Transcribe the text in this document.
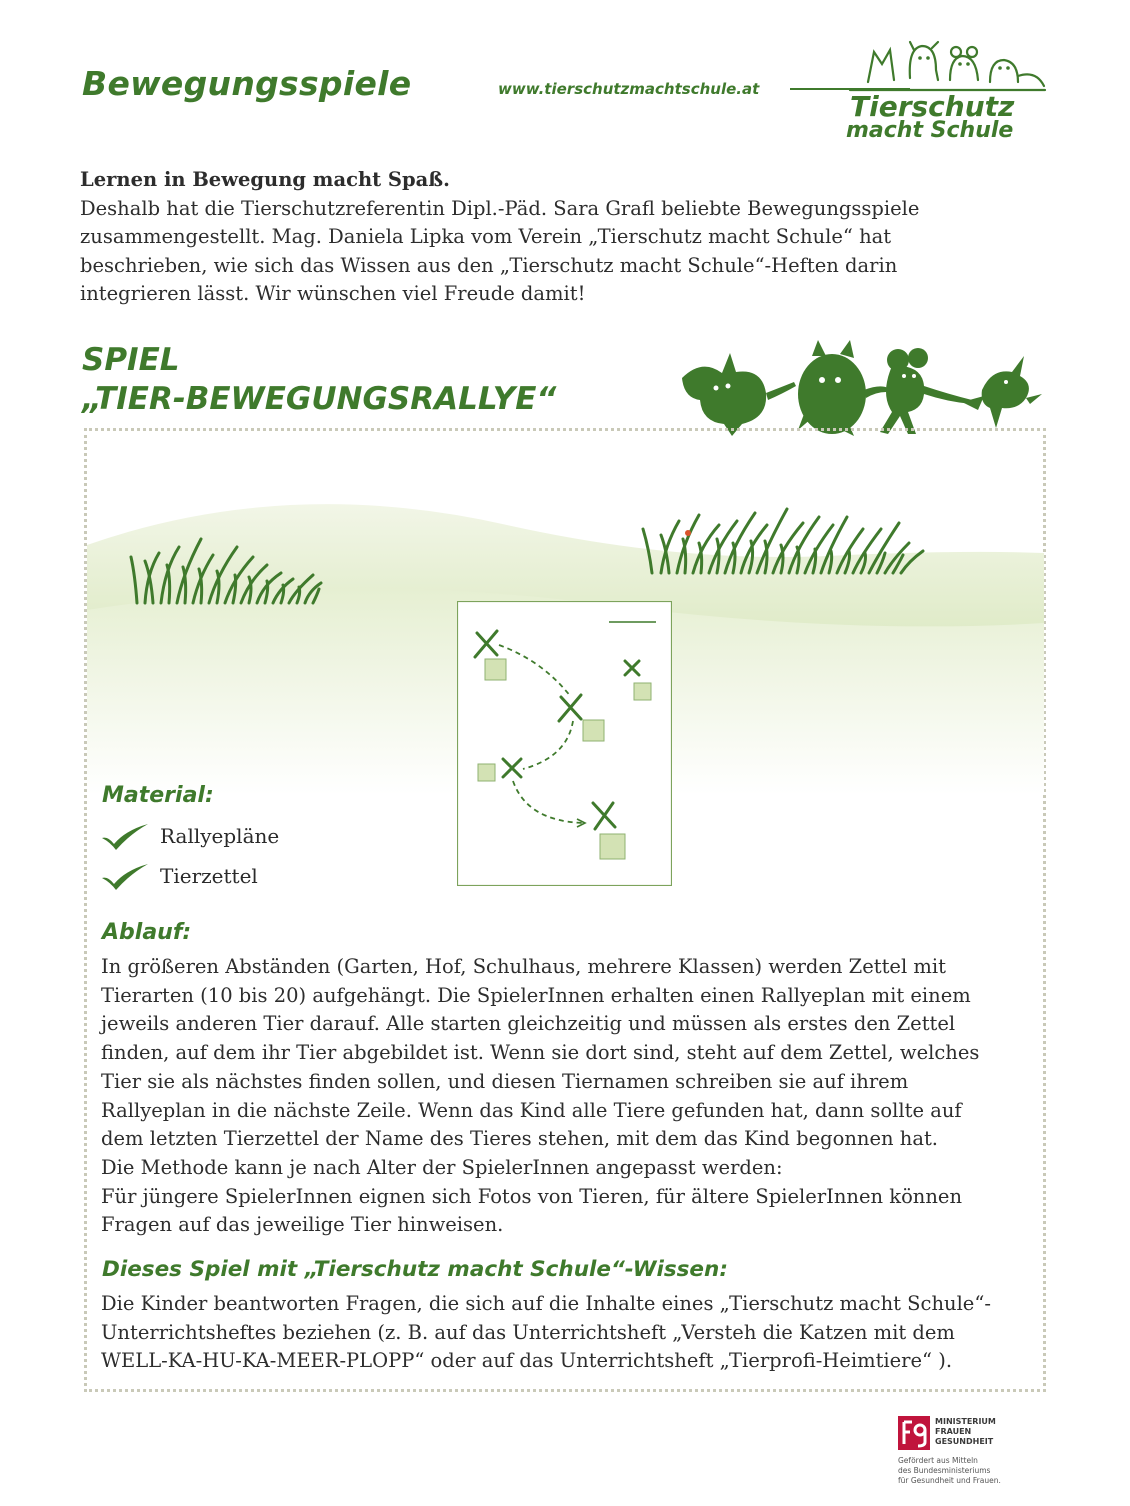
Bewegungsspiele	www.tierschutzmachtschule.at
Tierschutz
macht Schule
Lernen in Bewegung macht Spaß.
Deshalb hat die Tierschutzreferentin Dipl.-Päd. Sara Grafl beliebte Bewegungsspiele
zusammengestellt. Mag. Daniela Lipka vom Verein „Tierschutz macht Schule“ hat
beschrieben, wie sich das Wissen aus den „Tierschutz macht Schule“-Heften darin
integrieren lässt. Wir wünschen viel Freude damit!
SPIEL
„TIER-BEWEGUNGSRALLYE“
Material:
Rallyepläne
Tierzettel
Ablauf:
In größeren Abständen (Garten, Hof, Schulhaus, mehrere Klassen) werden Zettel mit
Tierarten (10 bis 20) aufgehängt. Die SpielerInnen erhalten einen Rallyeplan mit einem
jeweils anderen Tier darauf. Alle starten gleichzeitig und müssen als erstes den Zettel
finden, auf dem ihr Tier abgebildet ist. Wenn sie dort sind, steht auf dem Zettel, welches
Tier sie als nächstes finden sollen, und diesen Tiernamen schreiben sie auf ihrem
Rallyeplan in die nächste Zeile. Wenn das Kind alle Tiere gefunden hat, dann sollte auf
dem letzten Tierzettel der Name des Tieres stehen, mit dem das Kind begonnen hat.
Die Methode kann je nach Alter der SpielerInnen angepasst werden:
Für jüngere SpielerInnen eignen sich Fotos von Tieren, für ältere SpielerInnen können
Fragen auf das jeweilige Tier hinweisen.
Dieses Spiel mit „Tierschutz macht Schule“-Wissen:
Die Kinder beantworten Fragen, die sich auf die Inhalte eines „Tierschutz macht Schule“-
Unterrichtsheftes beziehen (z. B. auf das Unterrichtsheft „Versteh die Katzen mit dem
WELL-KA-HU-KA-MEER-PLOPP“ oder auf das Unterrichtsheft „Tierprofi-Heimtiere“ ).
MINISTERIUM
FRAUEN
GESUNDHEIT
Gefördert aus Mitteln
des Bundesministeriums
für Gesundheit und Frauen.
